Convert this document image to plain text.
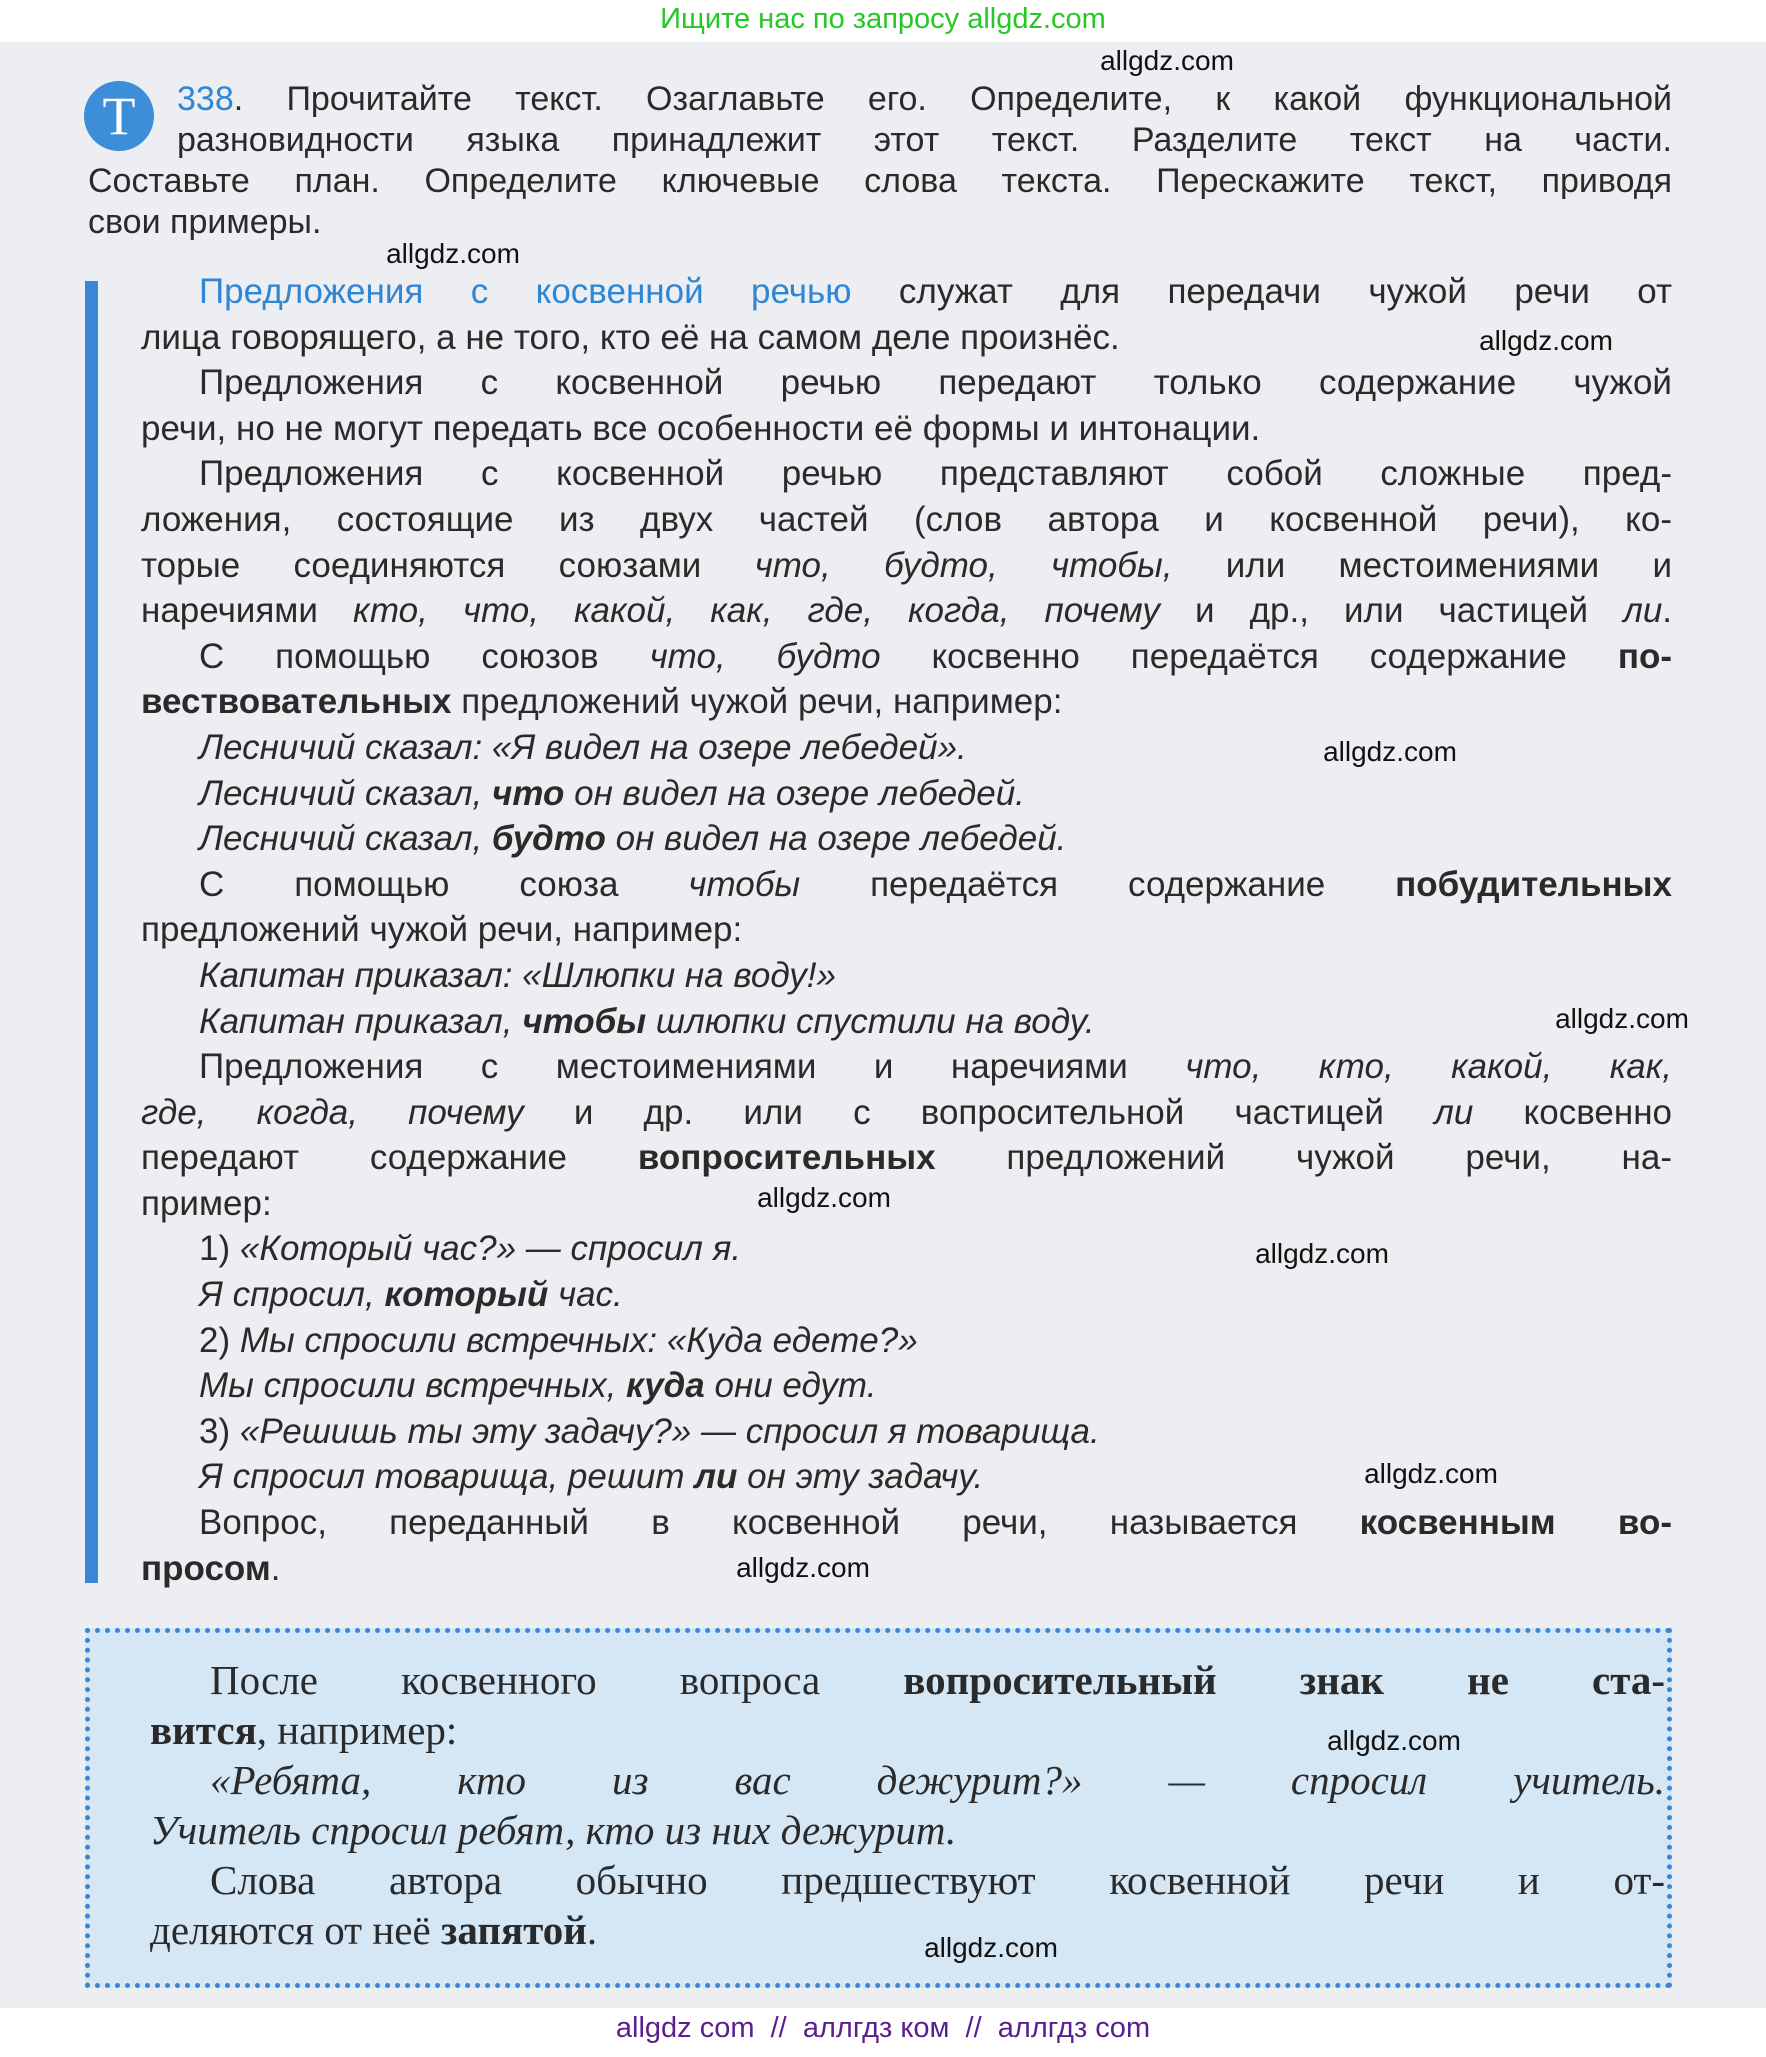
Ищите нас по запросу allgdz.com
Т	338. Прочитайте текст. Озаглавьте его. Определите, к какой функциональной
разновидности языка принадлежит этот текст. Разделите текст на части.
Составьте план. Определите ключевые слова текста. Перескажите текст, приводя
свои примеры.
Предложения с косвенной речью служат для передачи чужой речи от
лица говорящего, а не того, кто её на самом деле произнёс.
Предложения с косвенной речью передают только содержание чужой
речи, но не могут передать все особенности её формы и интонации.
Предложения с косвенной речью представляют собой сложные пред-
ложения, состоящие из двух частей (слов автора и косвенной речи), ко-
торые соединяются союзами что, будто, чтобы, или местоимениями и
наречиями кто, что, какой, как, где, когда, почему и др., или частицей ли.
С помощью союзов что, будто косвенно передаётся содержание по-
вествовательных предложений чужой речи, например:
Лесничий сказал: «Я видел на озере лебедей».
Лесничий сказал, что он видел на озере лебедей.
Лесничий сказал, будто он видел на озере лебедей.
С помощью союза чтобы передаётся содержание побудительных
предложений чужой речи, например:
Капитан приказал: «Шлюпки на воду!»
Капитан приказал, чтобы шлюпки спустили на воду.
Предложения с местоимениями и наречиями что, кто, какой, как,
где, когда, почему и др. или с вопросительной частицей ли косвенно
передают содержание вопросительных предложений чужой речи, на-
пример:
1) «Который час?» — спросил я.
Я спросил, который час.
2) Мы спросили встречных: «Куда едете?»
Мы спросили встречных, куда они едут.
3) «Решишь ты эту задачу?» — спросил я товарища.
Я спросил товарища, решит ли он эту задачу.
Вопрос, переданный в косвенной речи, называется косвенным во-
просом.
После косвенного вопроса вопросительный знак не ста-
вится, например:
«Ребята, кто из вас дежурит?» — спросил учитель.
Учитель спросил ребят, кто из них дежурит.
Слова автора обычно предшествуют косвенной речи и от-
деляются от неё запятой.
allgdz.com
allgdz.com
allgdz.com
allgdz.com
allgdz.com
allgdz.com
allgdz.com
allgdz.com
allgdz.com
allgdz.com
allgdz.com
allgdz com  //  аллгдз ком  //  аллгдз com
